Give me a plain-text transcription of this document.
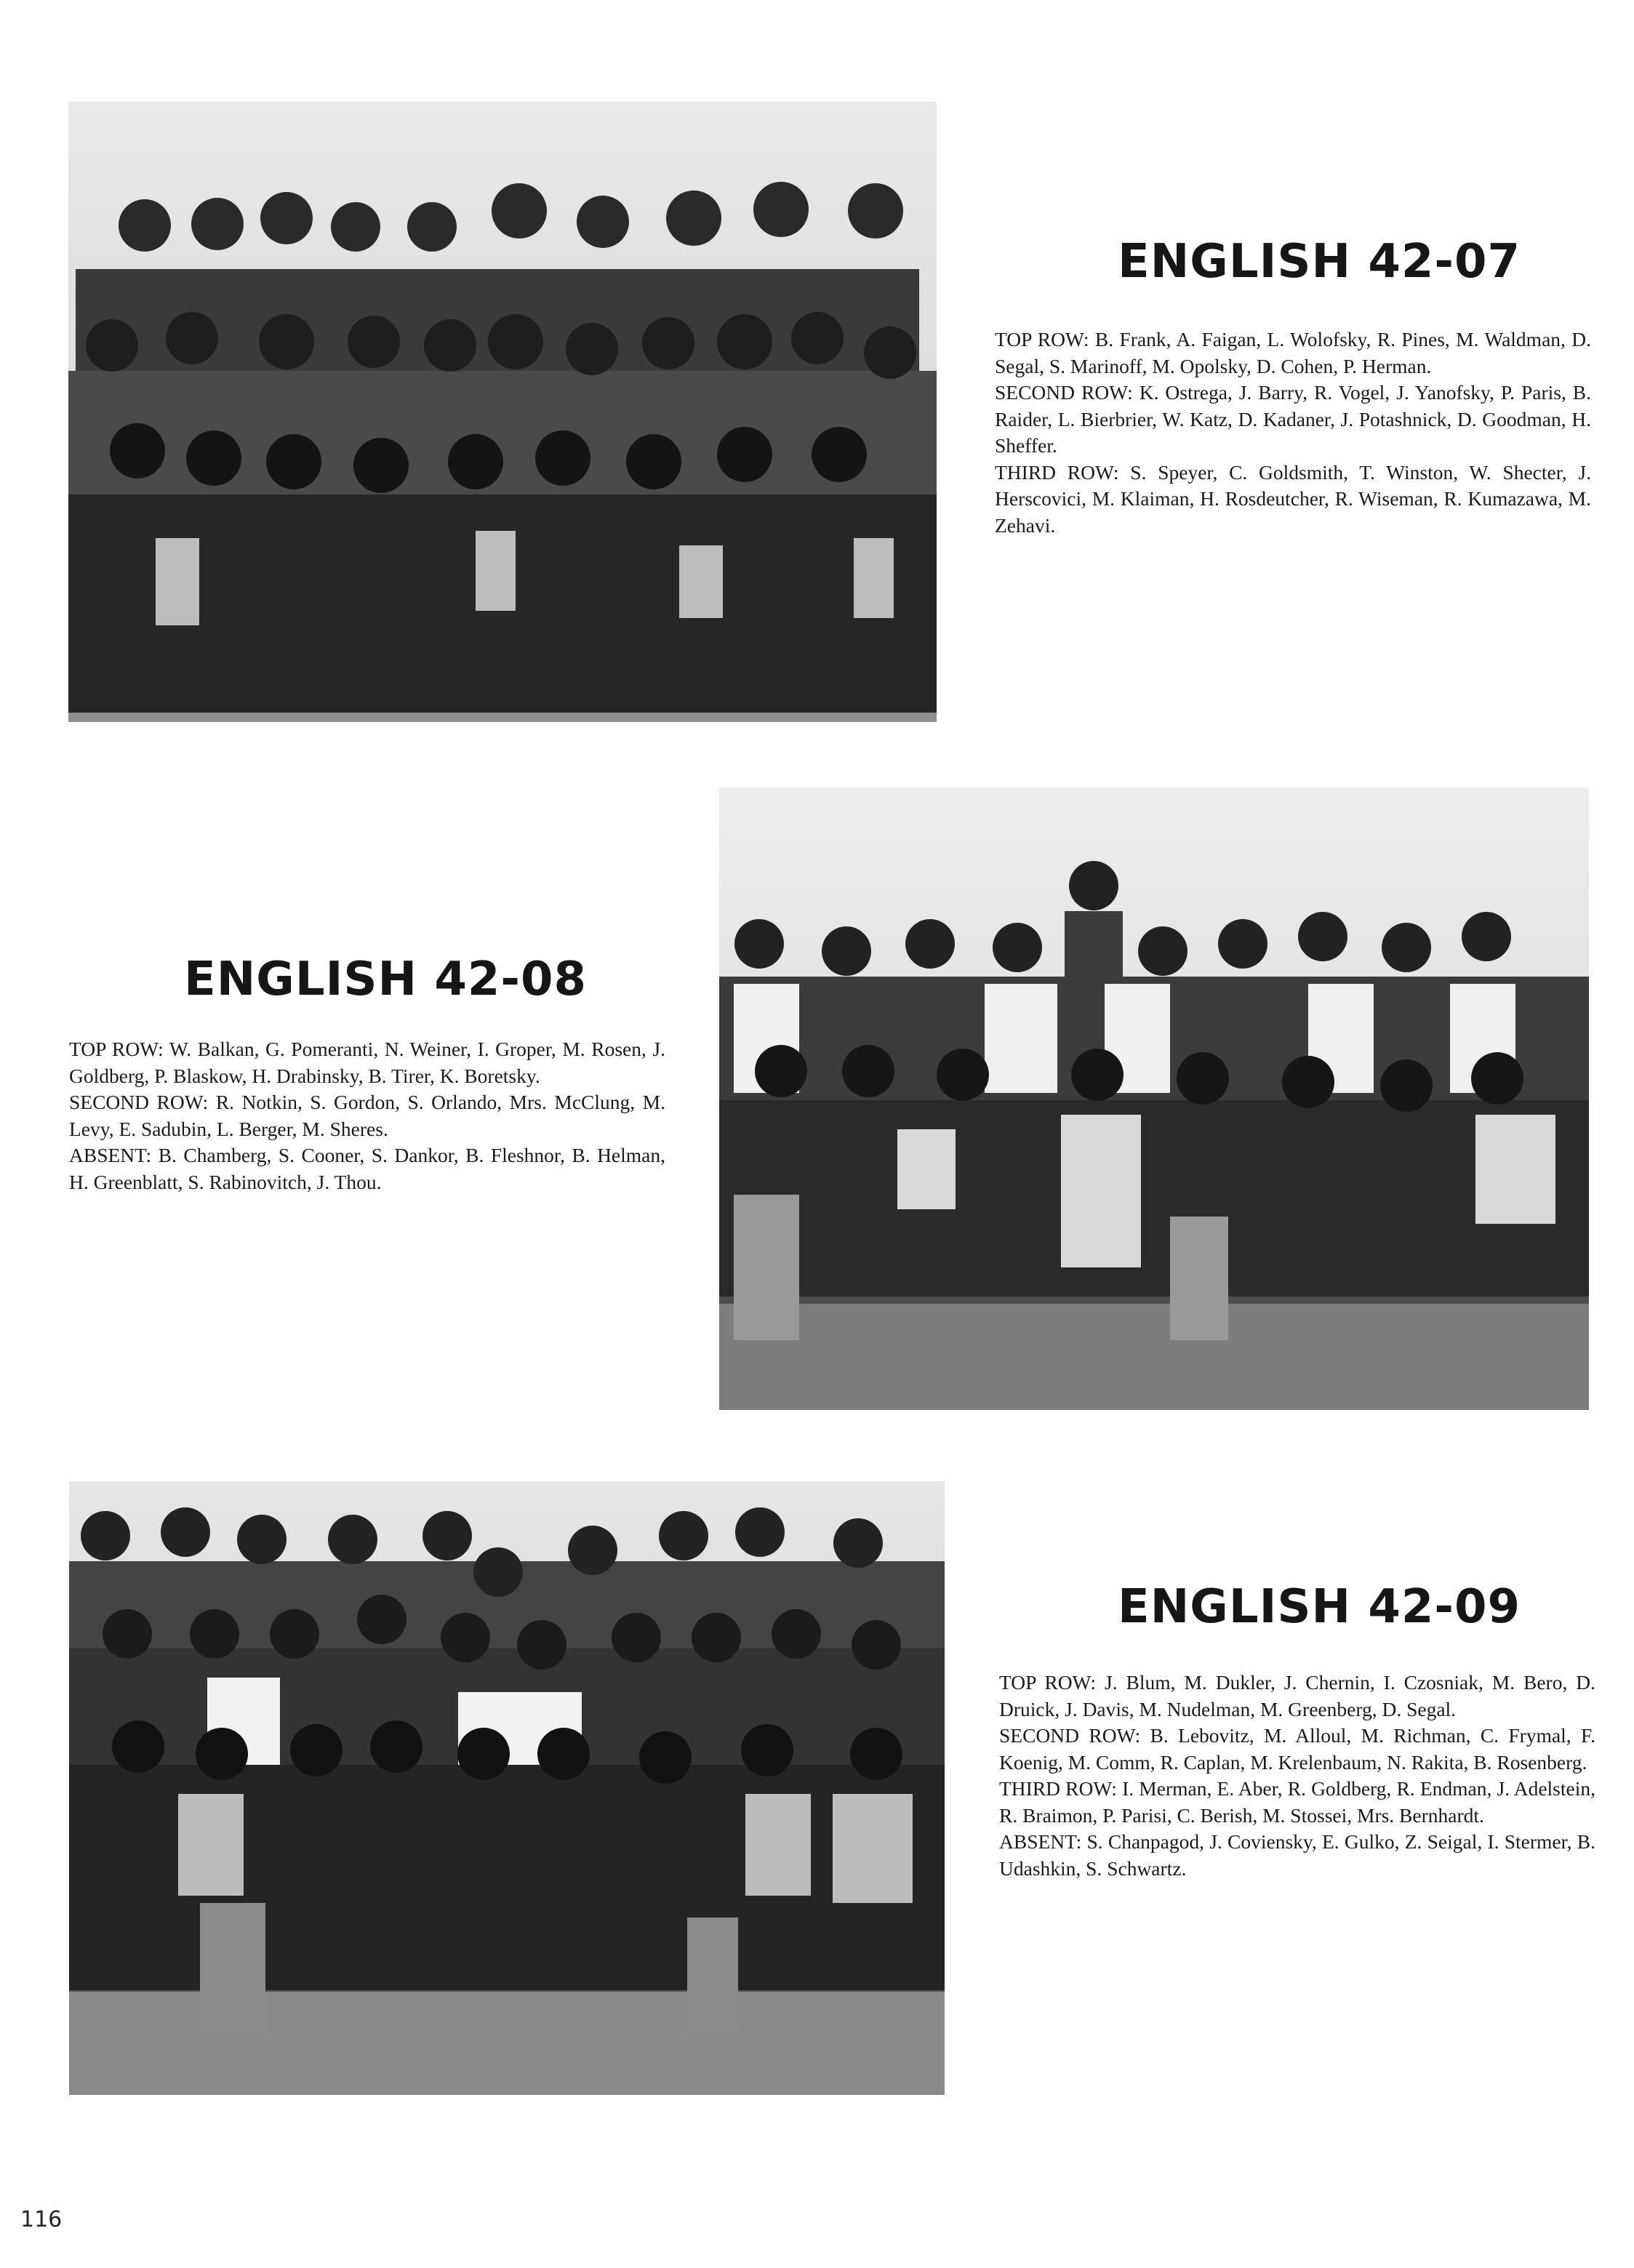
ENGLISH 42-07
TOP ROW: B. Frank, A. Faigan, L. Wolofsky, R. Pines, M. Waldman, D. Segal, S. Marinoff, M. Opolsky, D. Cohen, P. Herman.
SECOND ROW: K. Ostrega, J. Barry, R. Vogel, J. Yanofsky, P. Paris, B. Raider, L. Bierbrier, W. Katz, D. Kadaner, J. Potashnick, D. Goodman, H. Sheffer.
THIRD ROW: S. Speyer, C. Goldsmith, T. Winston, W. Shecter, J. Herscovici, M. Klaiman, H. Rosdeutcher, R. Wiseman, R. Kumazawa, M. Zehavi.
ENGLISH 42-08
TOP ROW: W. Balkan, G. Pomeranti, N. Weiner, I. Groper, M. Rosen, J. Goldberg, P. Blaskow, H. Drabinsky, B. Tirer, K. Boretsky.
SECOND ROW: R. Notkin, S. Gordon, S. Orlando, Mrs. McClung, M. Levy, E. Sadubin, L. Berger, M. Sheres.
ABSENT: B. Chamberg, S. Cooner, S. Dankor, B. Fleshnor, B. Helman, H. Greenblatt, S. Rabinovitch, J. Thou.
ENGLISH 42-09
TOP ROW: J. Blum, M. Dukler, J. Chernin, I. Czosniak, M. Bero, D. Druick, J. Davis, M. Nudelman, M. Greenberg, D. Segal.
SECOND ROW: B. Lebovitz, M. Alloul, M. Richman, C. Frymal, F. Koenig, M. Comm, R. Caplan, M. Krelenbaum, N. Rakita, B. Rosenberg.
THIRD ROW: I. Merman, E. Aber, R. Goldberg, R. Endman, J. Adelstein, R. Braimon, P. Parisi, C. Berish, M. Stossei, Mrs. Bernhardt.
ABSENT: S. Chanpagod, J. Coviensky, E. Gulko, Z. Seigal, I. Stermer, B. Udashkin, S. Schwartz.
116
